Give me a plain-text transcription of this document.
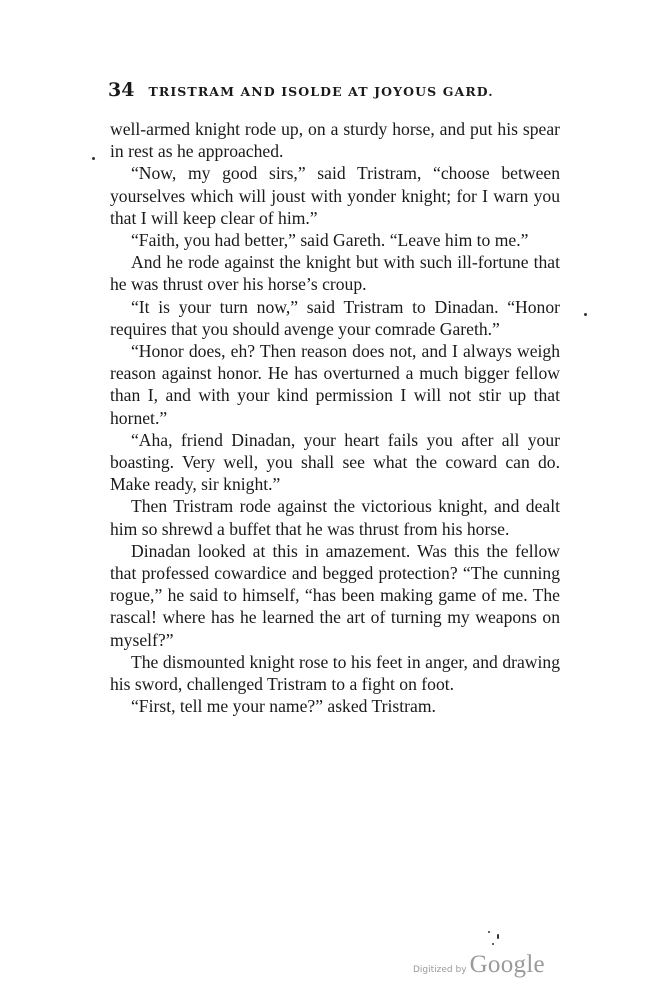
34 TRISTRAM AND ISOLDE AT JOYOUS GARD.

well-armed knight rode up, on a sturdy horse, and put his spear in rest as he approached.

“Now, my good sirs,” said Tristram, “choose between yourselves which will joust with yonder knight; for I warn you that I will keep clear of him.”

“Faith, you had better,” said Gareth. “Leave him to me.”

And he rode against the knight but with such ill-fortune that he was thrust over his horse’s croup.

“It is your turn now,” said Tristram to Dinadan. “Honor requires that you should avenge your comrade Gareth.”

“Honor does, eh? Then reason does not, and I always weigh reason against honor. He has overturned a much bigger fellow than I, and with your kind permission I will not stir up that hornet.”

“Aha, friend Dinadan, your heart fails you after all your boasting. Very well, you shall see what the coward can do. Make ready, sir knight.”

Then Tristram rode against the victorious knight, and dealt him so shrewd a buffet that he was thrust from his horse.

Dinadan looked at this in amazement. Was this the fellow that professed cowardice and begged protection? “The cunning rogue,” he said to himself, “has been making game of me. The rascal! where has he learned the art of turning my weapons on myself?”

The dismounted knight rose to his feet in anger, and drawing his sword, challenged Tristram to a fight on foot.

“First, tell me your name?” asked Tristram.

Digitized by Google
